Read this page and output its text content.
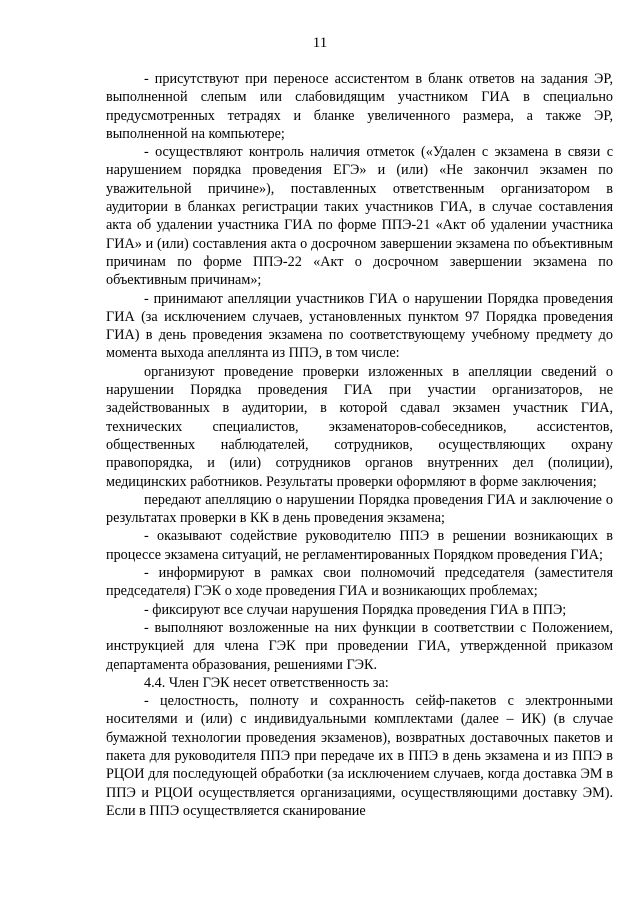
11

- присутствуют при переносе ассистентом в бланк ответов на задания ЭР, выполненной слепым или слабовидящим участником ГИА в специально предусмотренных тетрадях и бланке увеличенного размера, а также ЭР, выполненной на компьютере;

- осуществляют контроль наличия отметок («Удален с экзамена в связи с нарушением порядка проведения ЕГЭ» и (или) «Не закончил экзамен по уважительной причине»), поставленных ответственным организатором в аудитории в бланках регистрации таких участников ГИА, в случае составления акта об удалении участника ГИА по форме ППЭ-21 «Акт об удалении участника ГИА» и (или) составления акта о досрочном завершении экзамена по объективным причинам по форме ППЭ-22 «Акт о досрочном завершении экзамена по объективным причинам»;

- принимают апелляции участников ГИА о нарушении Порядка проведения ГИА (за исключением случаев, установленных пунктом 97 Порядка проведения ГИА) в день проведения экзамена по соответствующему учебному предмету до момента выхода апеллянта из ППЭ, в том числе:

организуют проведение проверки изложенных в апелляции сведений о нарушении Порядка проведения ГИА при участии организаторов, не задействованных в аудитории, в которой сдавал экзамен участник ГИА, технических специалистов, экзаменаторов-собеседников, ассистентов, общественных наблюдателей, сотрудников, осуществляющих охрану правопорядка, и (или) сотрудников органов внутренних дел (полиции), медицинских работников. Результаты проверки оформляют в форме заключения;

передают апелляцию о нарушении Порядка проведения ГИА и заключение о результатах проверки в КК в день проведения экзамена;

- оказывают содействие руководителю ППЭ в решении возникающих в процессе экзамена ситуаций, не регламентированных Порядком проведения ГИА;

- информируют в рамках свои полномочий председателя (заместителя председателя) ГЭК о ходе проведения ГИА и возникающих проблемах;

- фиксируют все случаи нарушения Порядка проведения ГИА в ППЭ;

- выполняют возложенные на них функции в соответствии с Положением, инструкцией для члена ГЭК при проведении ГИА, утвержденной приказом департамента образования, решениями ГЭК.

4.4. Член ГЭК несет ответственность за:

- целостность, полноту и сохранность сейф-пакетов с электронными носителями и (или) с индивидуальными комплектами (далее – ИК) (в случае бумажной технологии проведения экзаменов), возвратных доставочных пакетов и пакета для руководителя ППЭ при передаче их в ППЭ в день экзамена и из ППЭ в РЦОИ для последующей обработки (за исключением случаев, когда доставка ЭМ в ППЭ и РЦОИ осуществляется организациями, осуществляющими доставку ЭМ). Если в ППЭ осуществляется сканирование
